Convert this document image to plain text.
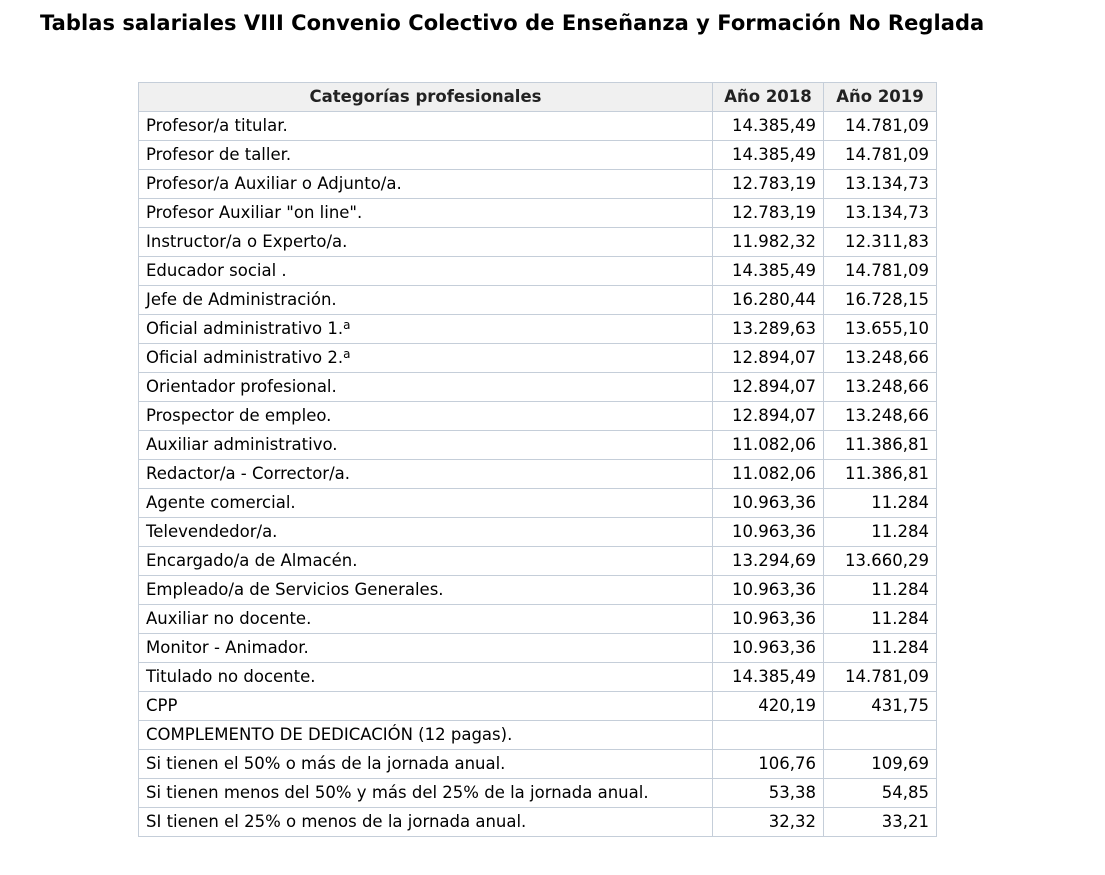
Tablas salariales VIII Convenio Colectivo de Enseñanza y Formación No Reglada
Categorías profesionales	Año 2018	Año 2019
Profesor/a titular.	14.385,49	14.781,09
Profesor de taller.	14.385,49	14.781,09
Profesor/a Auxiliar o Adjunto/a.	12.783,19	13.134,73
Profesor Auxiliar "on line".	12.783,19	13.134,73
Instructor/a o Experto/a.	11.982,32	12.311,83
Educador social .	14.385,49	14.781,09
Jefe de Administración.	16.280,44	16.728,15
Oficial administrativo 1.$^a$	13.289,63	13.655,10
Oficial administrativo 2.$^a$	12.894,07	13.248,66
Orientador profesional.	12.894,07	13.248,66
Prospector de empleo.	12.894,07	13.248,66
Auxiliar administrativo.	11.082,06	11.386,81
Redactor/a - Corrector/a.	11.082,06	11.386,81
Agente comercial.	10.963,36	11.284
Televendedor/a.	10.963,36	11.284
Encargado/a de Almacén.	13.294,69	13.660,29
Empleado/a de Servicios Generales.	10.963,36	11.284
Auxiliar no docente.	10.963,36	11.284
Monitor - Animador.	10.963,36	11.284
Titulado no docente.	14.385,49	14.781,09
CPP	420,19	431,75
COMPLEMENTO DE DEDICACIÓN (12 pagas).		
Si tienen el 50% o más de la jornada anual.	106,76	109,69
Si tienen menos del 50% y más del 25% de la jornada anual.	53,38	54,85
SI tienen el 25% o menos de la jornada anual.	32,32	33,21
